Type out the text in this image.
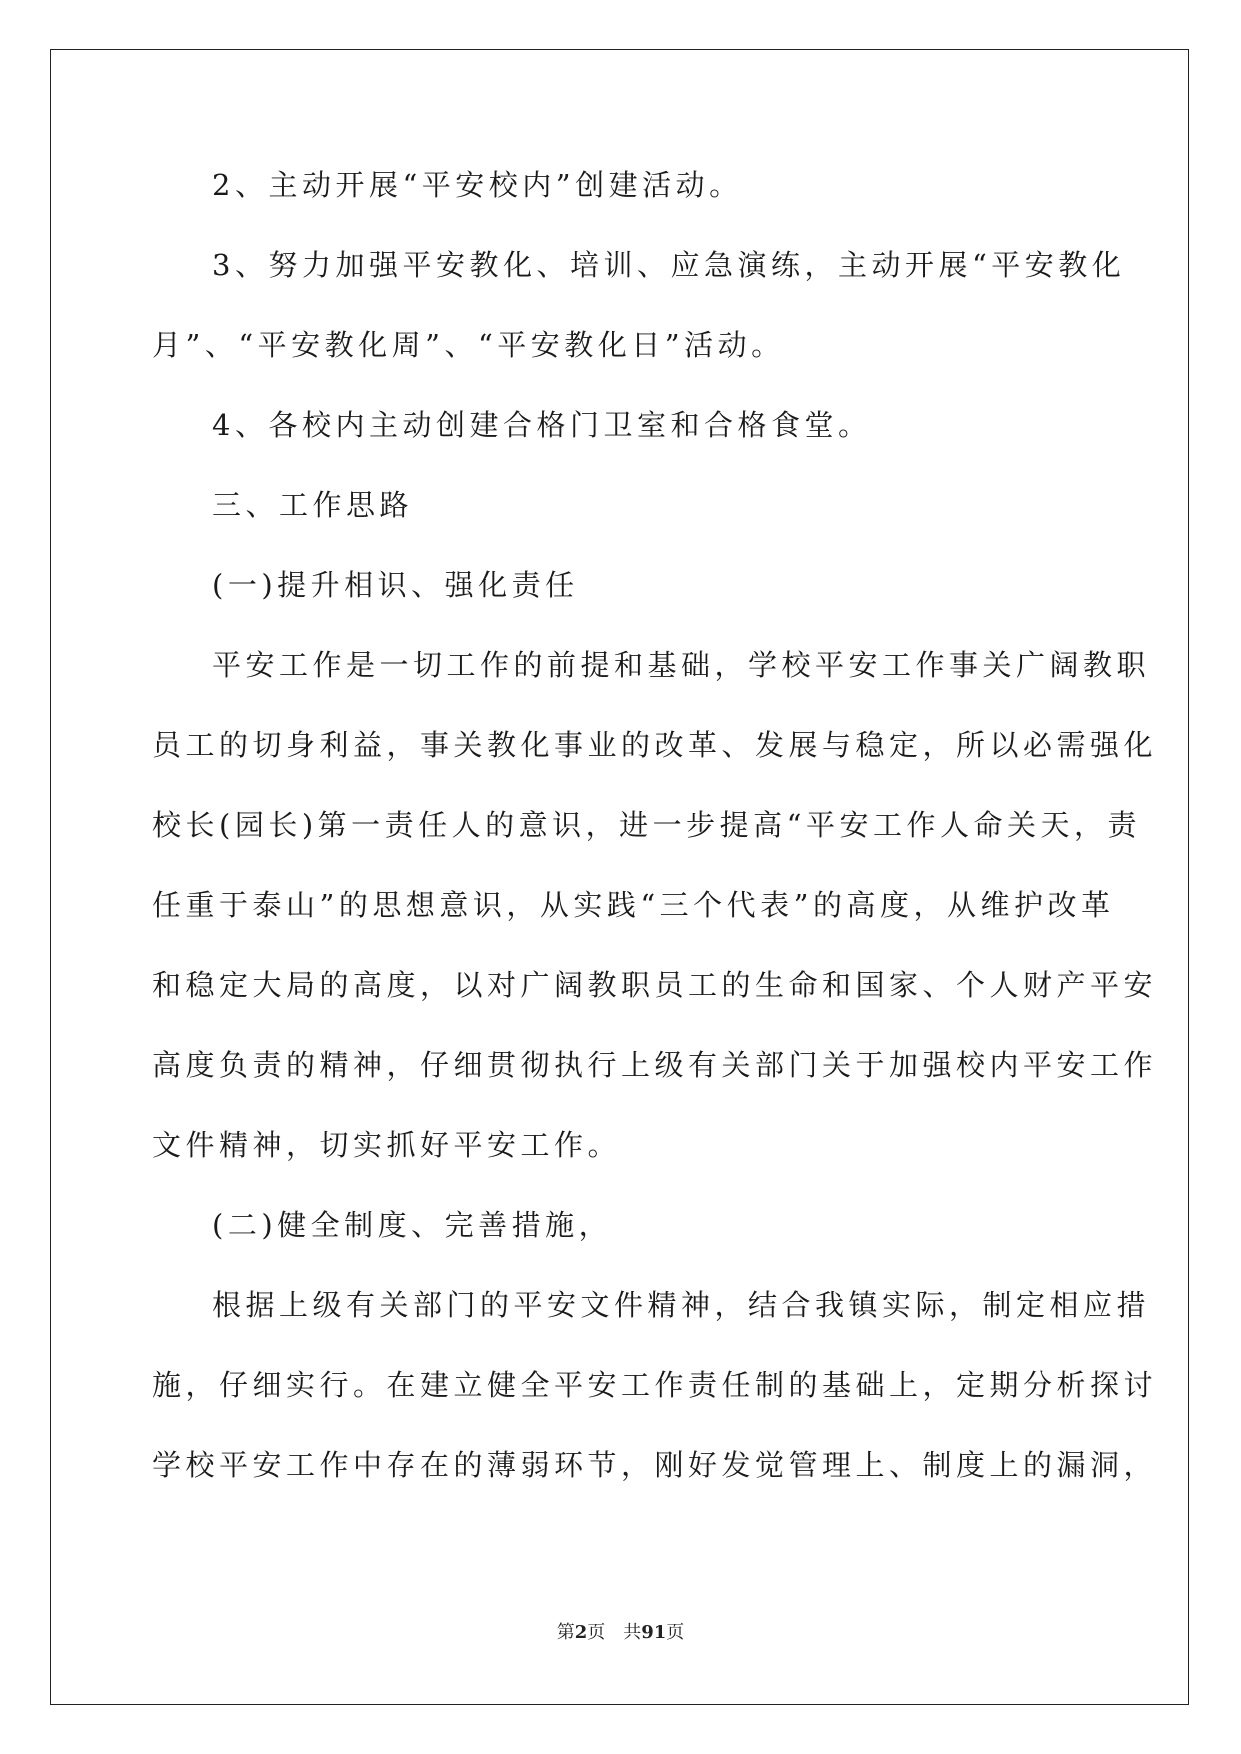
2、主动开展“平安校内”创建活动。
3、努力加强平安教化、培训、应急演练，主动开展“平安教化
月”、“平安教化周”、“平安教化日”活动。
4、各校内主动创建合格门卫室和合格食堂。
三、工作思路
(一)提升相识、强化责任
平安工作是一切工作的前提和基础，学校平安工作事关广阔教职
员工的切身利益，事关教化事业的改革、发展与稳定，所以必需强化
校长(园长)第一责任人的意识，进一步提高“平安工作人命关天，责
任重于泰山”的思想意识，从实践“三个代表”的高度，从维护改革
和稳定大局的高度，以对广阔教职员工的生命和国家、个人财产平安
高度负责的精神，仔细贯彻执行上级有关部门关于加强校内平安工作
文件精神，切实抓好平安工作。
(二)健全制度、完善措施，
根据上级有关部门的平安文件精神，结合我镇实际，制定相应措
施，仔细实行。在建立健全平安工作责任制的基础上，定期分析探讨
学校平安工作中存在的薄弱环节，刚好发觉管理上、制度上的漏洞，
第2页 共91页
